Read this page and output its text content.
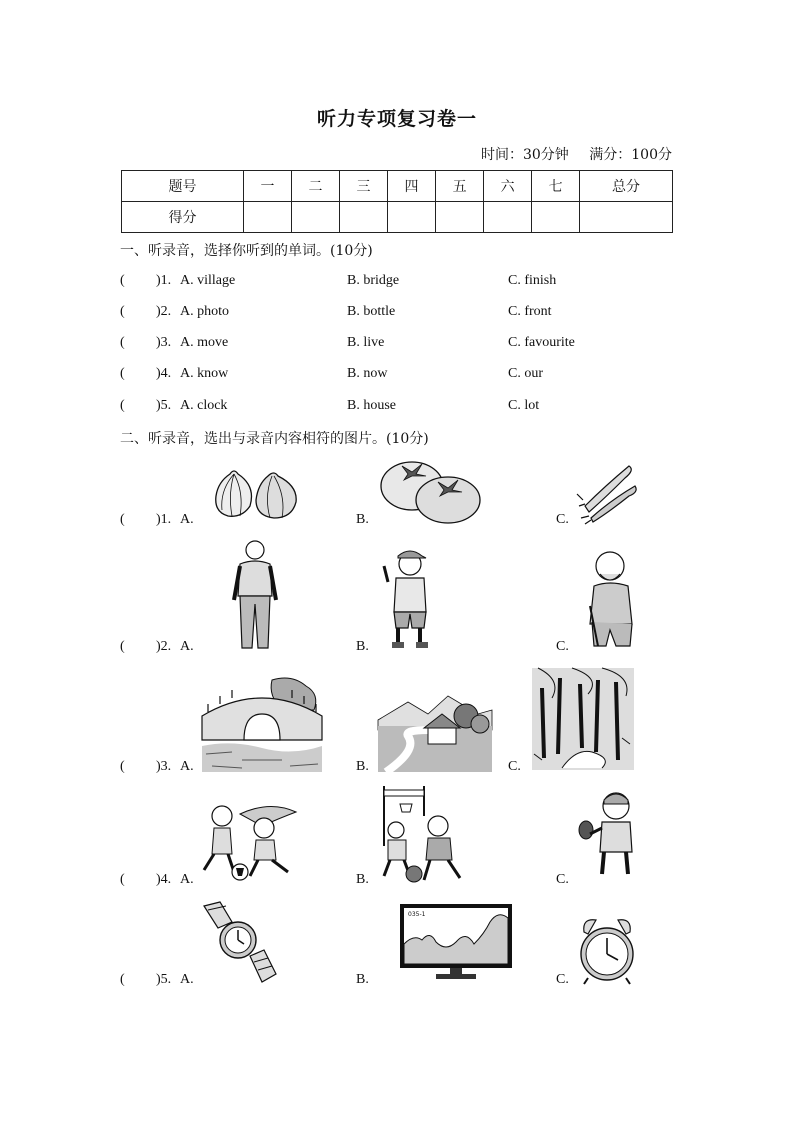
听力专项复习卷一
时间：30分钟 满分：100分
题号	一	二	三	四	五	六	七	总分
得分								
一、听录音，选择你听到的单词。(10分)
( )1. A. village	B. bridge	C. finish
( )2. A. photo	B. bottle	C. front
( )3. A. move	B. live	C. favourite
( )4. A. know	B. now	C. our
( )5. A. clock	B. house	C. lot
二、听录音，选出与录音内容相符的图片。(10分)
( )1. A.	B.	C.
( )2. A.	B.	C.
( )3. A.	B.	C.
( )4. A.	B.	C.
( )5. A.	B.	C.
035-1
